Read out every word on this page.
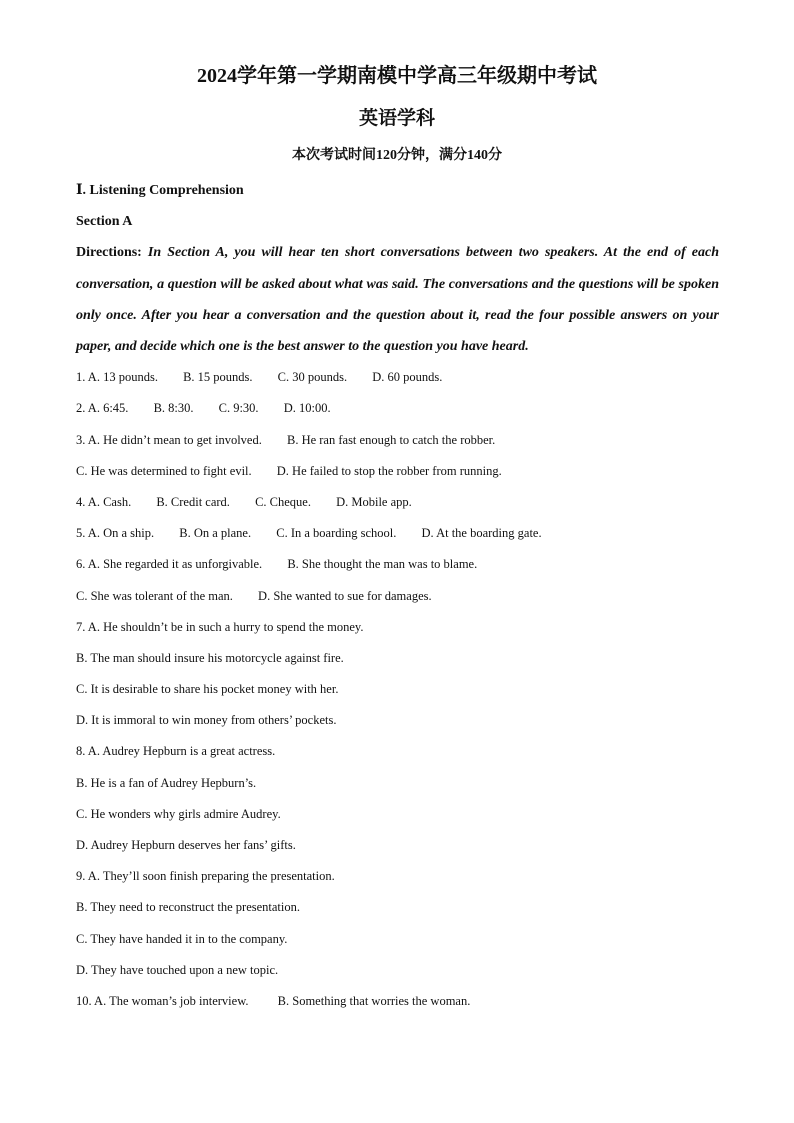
2024学年第一学期南模中学高三年级期中考试
英语学科
本次考试时间120分钟，满分140分
Ⅰ. Listening Comprehension
Section A

Directions: In Section A, you will hear ten short conversations between two speakers. At the end of each conversation, a question will be asked about what was said. The conversations and the questions will be spoken only once. After you hear a conversation and the question about it, read the four possible answers on your paper, and decide which one is the best answer to the question you have heard.

1. A. 13 pounds. B. 15 pounds. C. 30 pounds. D. 60 pounds.
2. A. 6:45. B. 8:30. C. 9:30. D. 10:00.
3. A. He didn’t mean to get involved. B. He ran fast enough to catch the robber.
C. He was determined to fight evil. D. He failed to stop the robber from running.
4. A. Cash. B. Credit card. C. Cheque. D. Mobile app.
5. A. On a ship. B. On a plane. C. In a boarding school. D. At the boarding gate.
6. A. She regarded it as unforgivable. B. She thought the man was to blame.
C. She was tolerant of the man. D. She wanted to sue for damages.
7. A. He shouldn’t be in such a hurry to spend the money.
B. The man should insure his motorcycle against fire.
C. It is desirable to share his pocket money with her.
D. It is immoral to win money from others’ pockets.
8. A. Audrey Hepburn is a great actress.
B. He is a fan of Audrey Hepburn’s.
C. He wonders why girls admire Audrey.
D. Audrey Hepburn deserves her fans’ gifts.
9. A. They’ll soon finish preparing the presentation.
B. They need to reconstruct the presentation.
C. They have handed it in to the company.
D. They have touched upon a new topic.
10. A. The woman’s job interview. B. Something that worries the woman.
